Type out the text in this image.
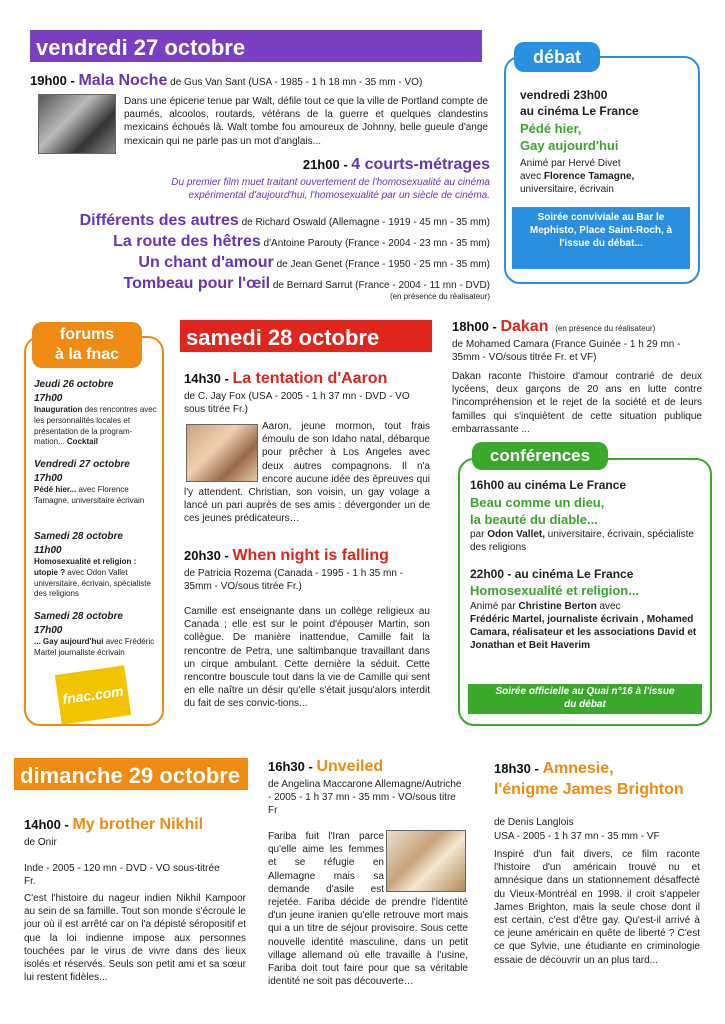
vendredi 27 octobre
19h00 - Mala Noche de Gus Van Sant (USA - 1985 - 1 h 18 mn - 35 mm - VO)
Dans une épicerie tenue par Walt, défile tout ce que la ville de Portland compte de paumés, alcoolos, routards, vétérans de la guerre et quelques clandestins mexicains échoués là. Walt tombe fou amoureux de Johnny, belle gueule d'ange mexicain qui ne parle pas un mot d'anglais...
21h00 - 4 courts-métrages
Du premier film muet traitant ouvertement de l'homosexualité au cinéma expérimental d'aujourd'hui, l'homosexualité par un siècle de cinéma.
Différents des autres de Richard Oswald (Allemagne - 1919 - 45 mn - 35 mm)
La route des hêtres d'Antoine Parouty (France - 2004 - 23 mn - 35 mm)
Un chant d'amour de Jean Genet (France - 1950 - 25 mn - 35 mm)
Tombeau pour l'œil de Bernard Sarrut (France - 2004 - 11 mn - DVD)
(en présence du réalisateur)
débat
vendredi 23h00
au cinéma Le France
Pédé hier,
Gay aujourd'hui
Animé par Hervé Divet
avec Florence Tamagne,
universitaire, écrivain
Soirée conviviale au Bar le Mephisto, Place Saint-Roch, à l'issue du débat...
forums
à la fnac
Jeudi 26 octobre
17h00
Inauguration des rencontres avec les personnalités locales et présentation de la program-mation... Cocktail
Vendredi 27 octobre
17h00
Pédé hier... avec Florence Tamagne, universitaire écrivain
Samedi 28 octobre
11h00
Homosexualité et religion : utopie ? avec Odon Vallet universitaire, écrivain, spécialiste des religions
Samedi 28 octobre
17h00
... Gay aujourd'hui avec Frédéric Martel journaliste écrivain
fnac.com
samedi 28 octobre
14h30 - La tentation d'Aaron
de C. Jay Fox (USA - 2005 - 1 h 37 mn - DVD - VO sous titrée Fr.)
Aaron, jeune mormon, tout frais émoulu de son Idaho natal, débarque pour prêcher à Los Angeles avec deux autres compagnons. Il n'a encore aucune idée des épreuves qui l'y attendent. Christian, son voisin, un gay volage a lancé un pari auprès de ses amis : dévergonder un de ces jeunes prédicateurs…
20h30 - When night is falling
de Patricia Rozema (Canada - 1995 - 1 h 35 mn - 35mm - VO/sous titrée Fr.)
Camille est enseignante dans un collège religieux au Canada ; elle est sur le point d'épouser Martin, son collègue. De manière inattendue, Camille fait la rencontre de Petra, une saltimbanque travaillant dans un cirque ambulant. Cette dernière la séduit. Cette rencontre bouscule tout dans la vie de Camille qui sent en elle naître un désir qu'elle s'était jusqu'alors interdit du fait de ses convic-tions...
18h00 - Dakan (en présence du réalisateur)
de Mohamed Camara (France Guinée - 1 h 29 mn - 35mm - VO/sous titrée Fr. et VF)
Dakan raconte l'histoire d'amour contrarié de deux lycéens, deux garçons de 20 ans en lutte contre l'incompréhension et le rejet de la société et de leurs familles qui s'inquiètent de cette situation publique embarrassante ...
conférences
16h00 au cinéma Le France
Beau comme un dieu,
la beauté du diable...
par Odon Vallet, universitaire, écrivain, spécialiste des religions
22h00 - au cinéma Le France
Homosexualité et religion...
Animé par Christine Berton avec
Frédéric Martel, journaliste écrivain , Mohamed Camara, réalisateur et les associations David et Jonathan et Beit Haverim
Soirée officielle au Quai n°16 à l'issue du débat
dimanche 29 octobre
14h00 - My brother Nikhil
de Onir
Inde - 2005 - 120 mn - DVD - VO sous-titrée Fr.
C'est l'histoire du nageur indien Nikhil Kampoor au sein de sa famille. Tout son monde s'écroule le jour où il est arrêté car on l'a dépisté séropositif et que la loi indienne impose aux personnes touchées par le virus de vivre dans des lieux isolés et réservés. Seuls son petit ami et sa sœur lui restent fidèles...
16h30 - Unveiled
de Angelina Maccarone Allemagne/Autriche - 2005 - 1 h 37 mn - 35 mm - VO/sous titre Fr
Fariba fuit l'Iran parce qu'elle aime les femmes et se réfugie en Allemagne mais sa demande d'asile est rejetée. Fariba décide de prendre l'identité d'un jeune iranien qu'elle retrouve mort mais qui a un titre de séjour provisoire. Sous cette nouvelle identité masculine, dans un petit village allemand où elle travaille à l'usine, Fariba doit tout faire pour que sa véritable identité ne soit pas découverte…
18h30 - Amnesie,
l'énigme James Brighton
de Denis Langlois
USA - 2005 - 1 h 37 mn - 35 mm - VF
Inspiré d'un fait divers, ce film raconte l'histoire d'un américain trouvé nu et amnésique dans un stationnement désaffecté du Vieux-Montréal en 1998. il croit s'appeler James Brighton, mais la seule chose dont il est certain, c'est d'être gay. Qu'est-il arrivé à ce jeune américain en quête de liberté ? C'est ce que Sylvie, une étudiante en criminologie essaie de découvrir un an plus tard...
